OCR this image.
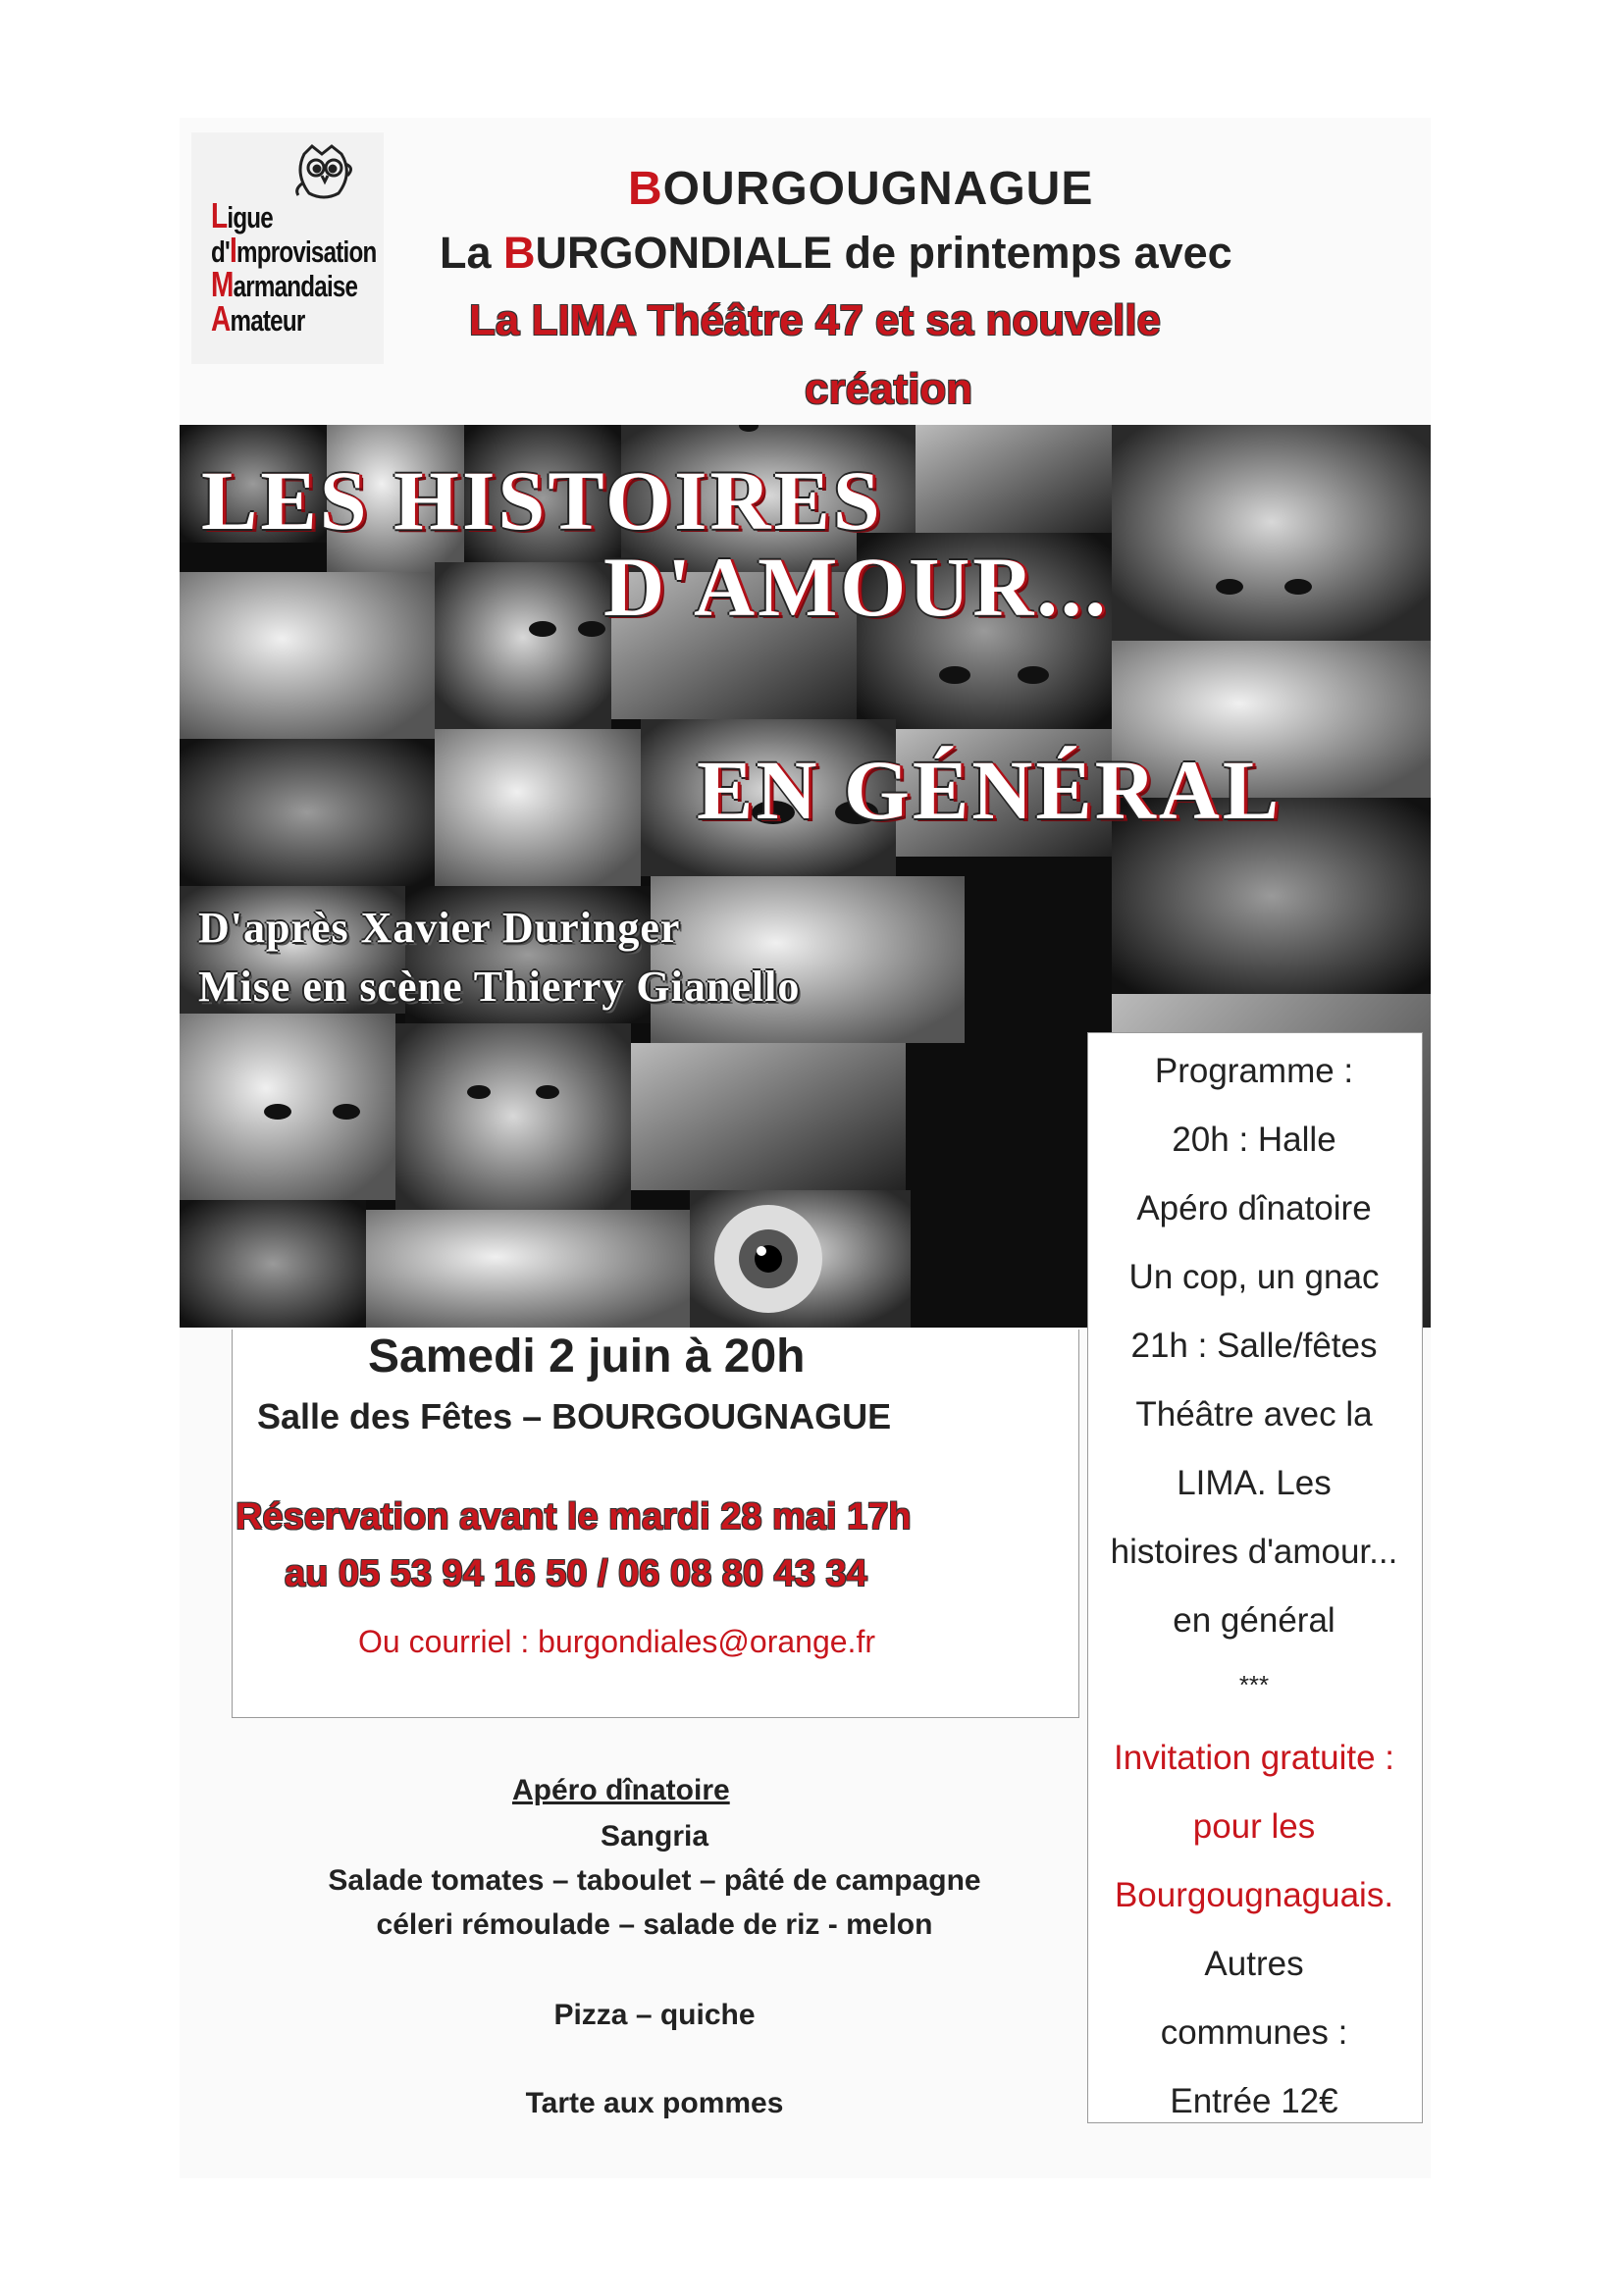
Ligue
d'Improvisation
Marmandaise
Amateur
BOURGOUGNAGUE
La BURGONDIALE de printemps avec
La LIMA Théâtre 47 et sa nouvelle
création
LES HISTOIRES
D'AMOUR...
EN GÉNÉRAL
D'après Xavier Duringer
Mise en scène Thierry Gianello
Samedi 2 juin à 20h
Salle des Fêtes – BOURGOUGNAGUE
Réservation avant le mardi 28 mai 17h
au 05 53 94 16 50 / 06 08 80 43 34
Ou courriel : burgondiales@orange.fr
Programme :
20h : Halle
Apéro dînatoire
Un cop, un gnac
21h : Salle/fêtes
Théâtre avec la
LIMA. Les
histoires d'amour...
en général
***
Invitation gratuite :
pour les
Bourgougnaguais.
Autres
communes :
Entrée 12€
Apéro dînatoire
Sangria
Salade tomates – taboulet – pâté de campagne
céleri rémoulade – salade de riz - melon
Pizza – quiche
Tarte aux pommes
